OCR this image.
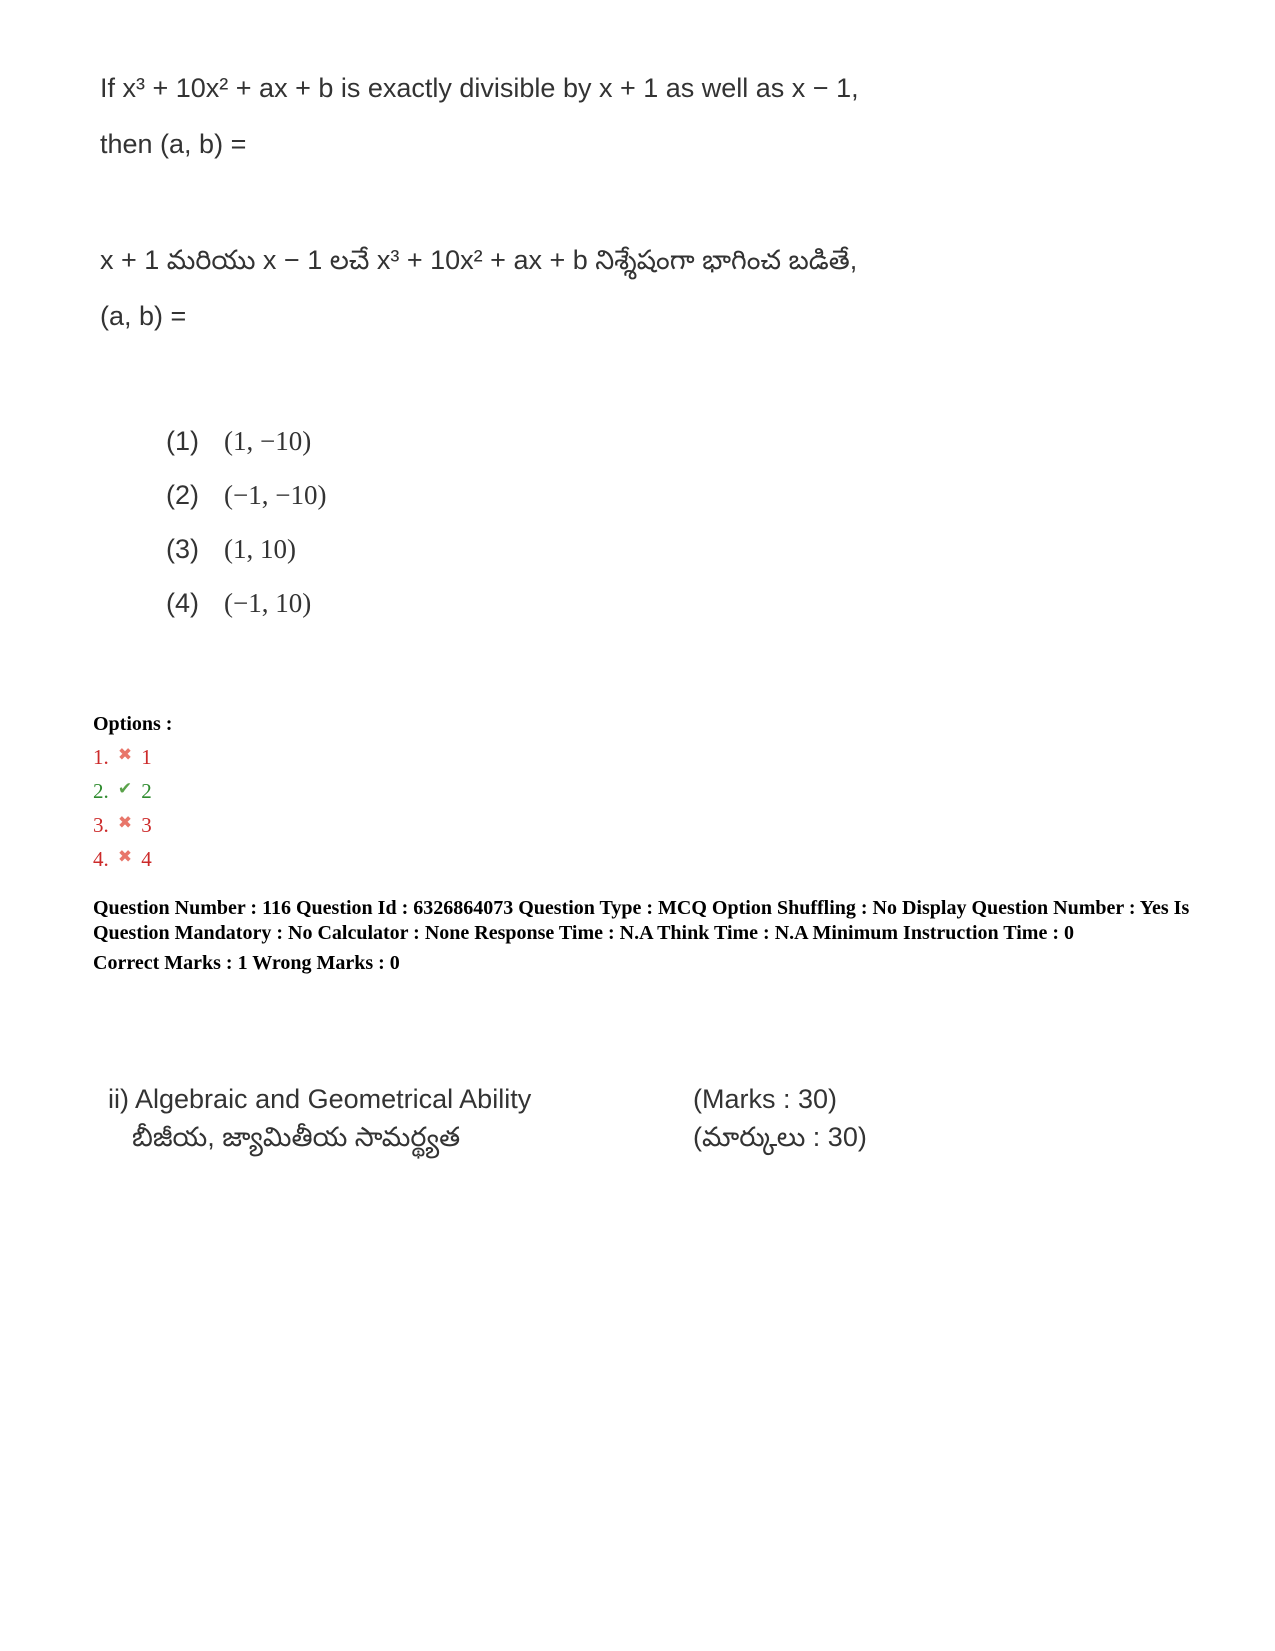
If x³ + 10x² + ax + b is exactly divisible by x + 1 as well as x − 1,
then (a, b) =
x + 1 మరియు x − 1 లచే x³ + 10x² + ax + b నిశ్శేషంగా భాగించ బడితే,
(a, b) =
(1) (1, −10)
(2) (−1, −10)
(3) (1, 10)
(4) (−1, 10)
Options :
1. ✖ 1
2. ✔ 2
3. ✖ 3
4. ✖ 4
Question Number : 116 Question Id : 6326864073 Question Type : MCQ Option Shuffling : No Display Question Number : Yes Is Question Mandatory : No Calculator : None Response Time : N.A Think Time : N.A Minimum Instruction Time : 0
Correct Marks : 1 Wrong Marks : 0
ii) Algebraic and Geometrical Ability	(Marks : 30)
బీజీయ, జ్యామితీయ సామర్థ్యత	(మార్కులు : 30)
